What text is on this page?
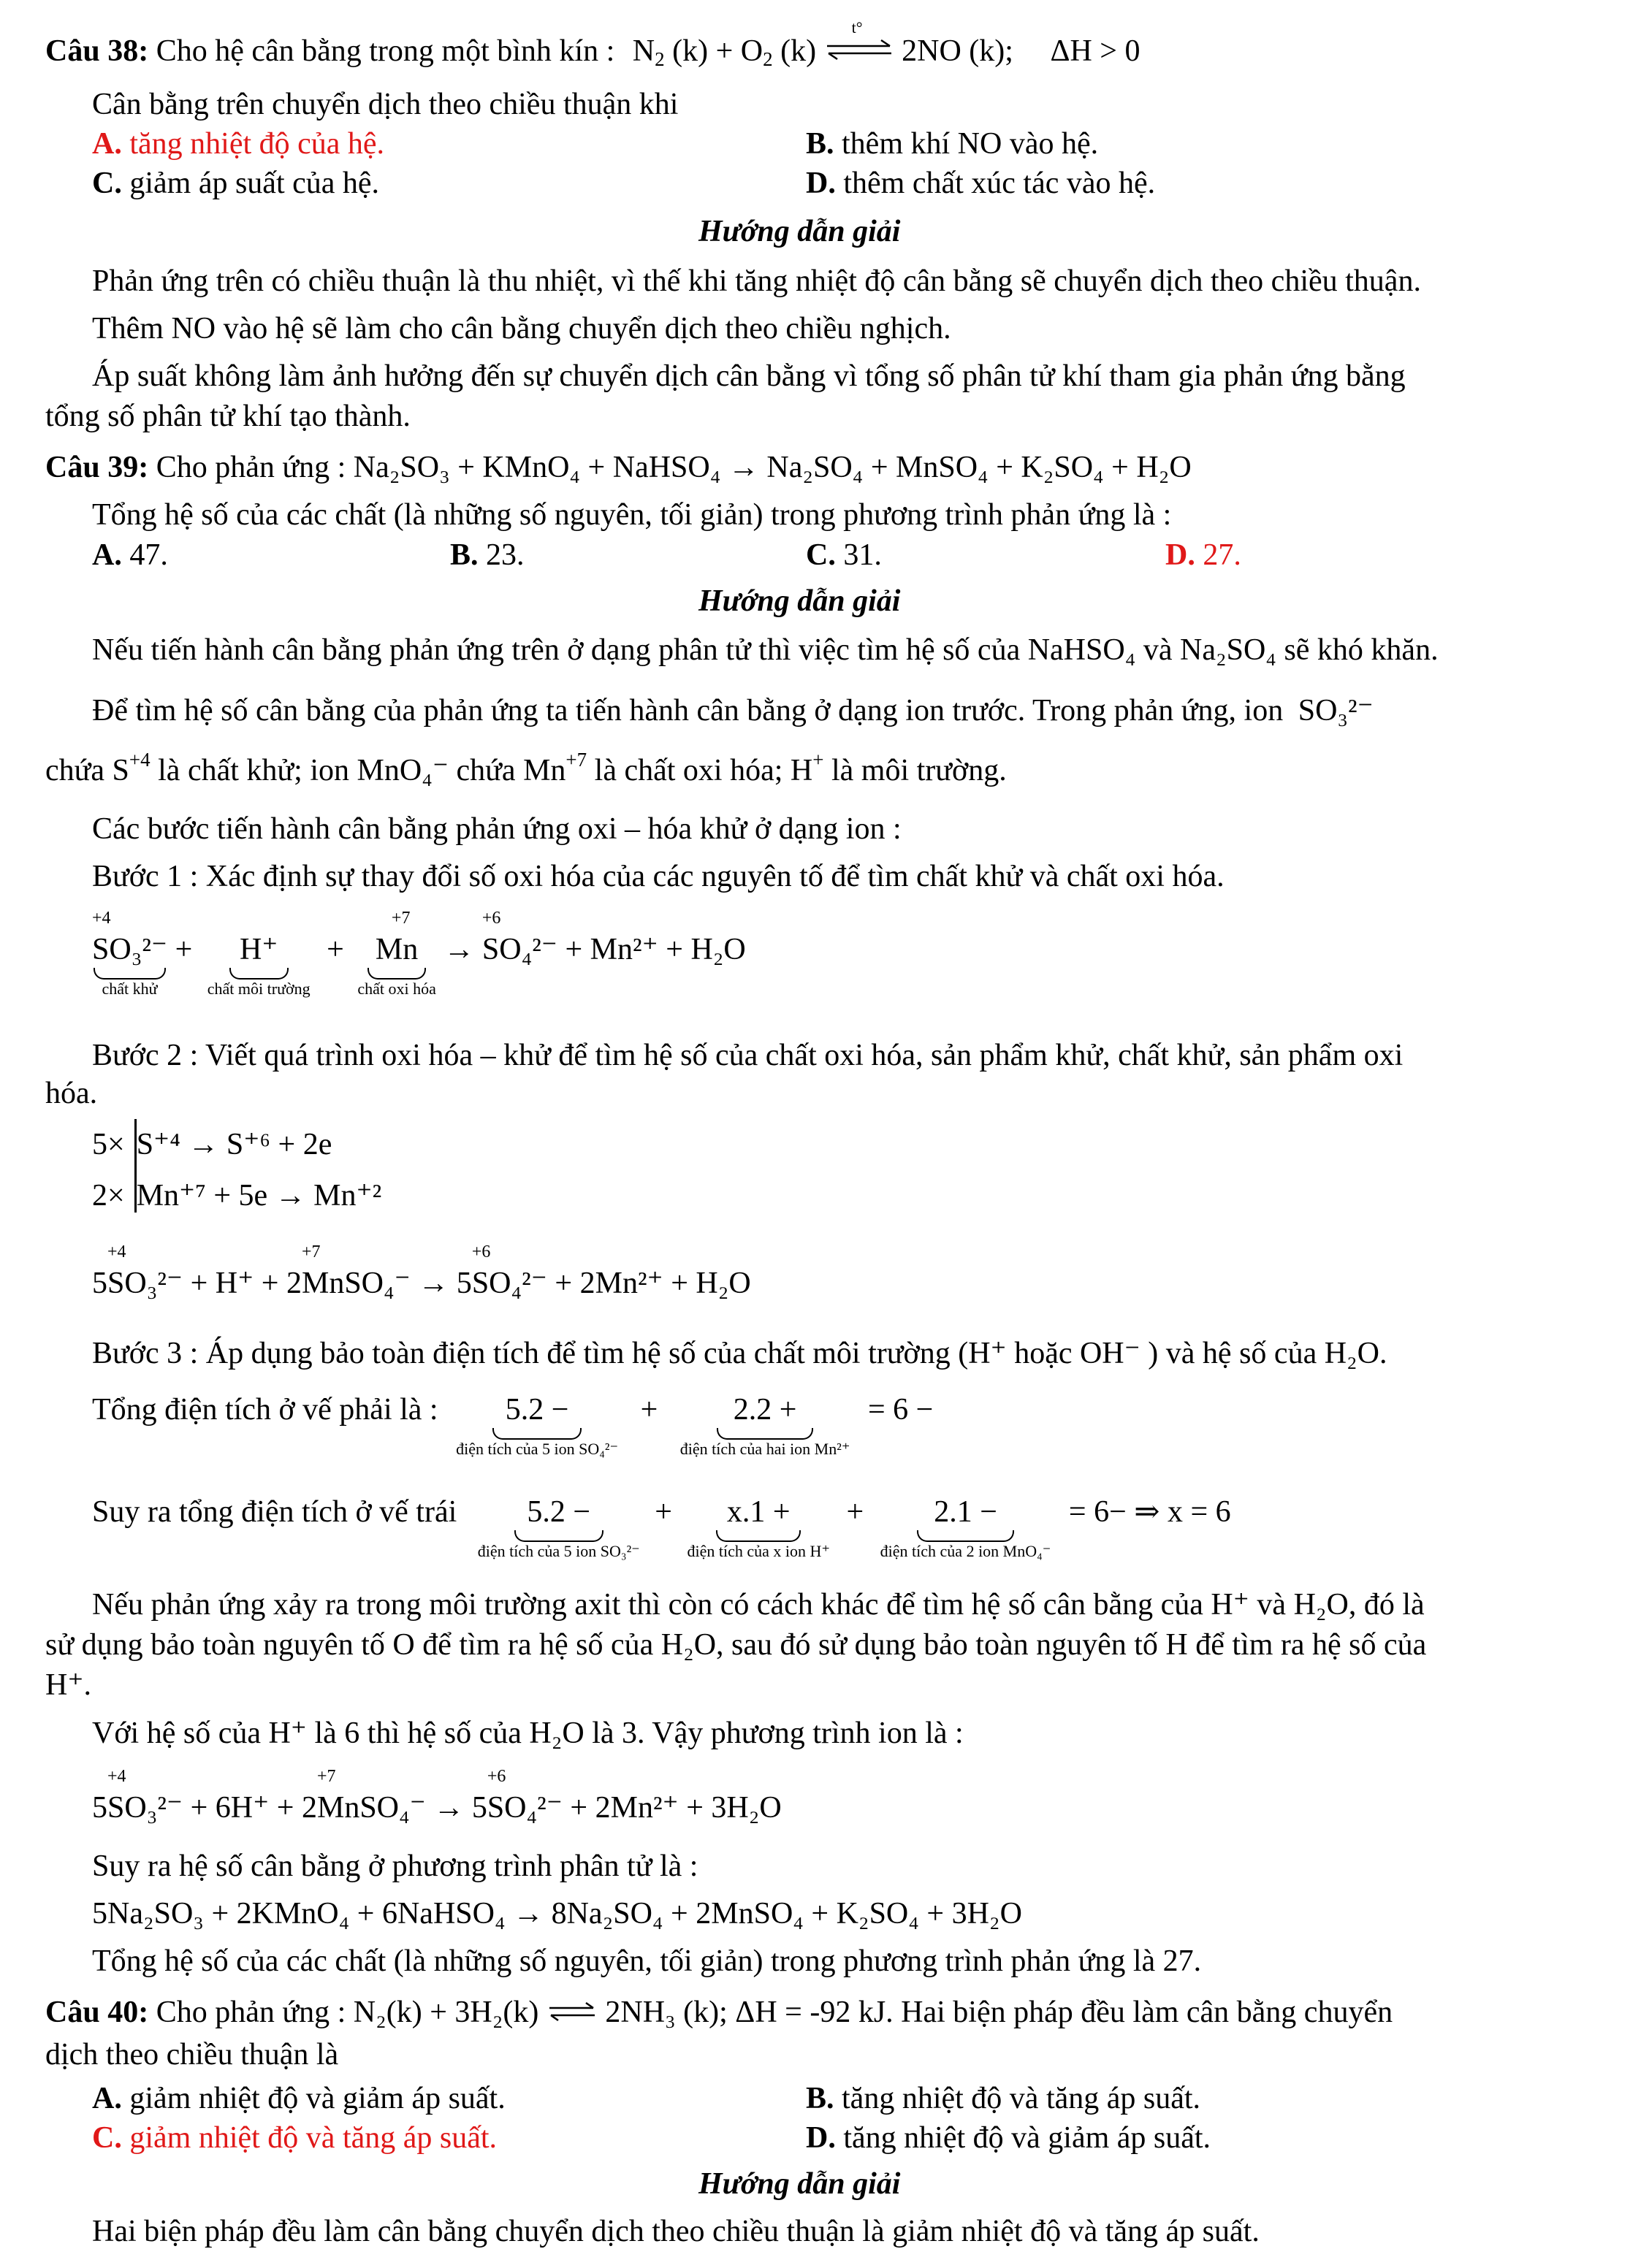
Câu 38: Cho hệ cân bằng trong một bình kín : $N_2$ $(k) + O_2$ (k)
t°
2NO (k); ΔH > 0
Cân bằng trên chuyển dịch theo chiều thuận khi
A. tăng nhiệt độ của hệ.	B. thêm khí NO vào hệ.
C. giảm áp suất của hệ.	D. thêm chất xúc tác vào hệ.
Hướng dẫn giải
Phản ứng trên có chiều thuận là thu nhiệt, vì thế khi tăng nhiệt độ cân bằng sẽ chuyển dịch theo chiều thuận.
Thêm NO vào hệ sẽ làm cho cân bằng chuyển dịch theo chiều nghịch.
Áp suất không làm ảnh hưởng đến sự chuyển dịch cân bằng vì tổng số phân tử khí tham gia phản ứng bằng
tổng số phân tử khí tạo thành.
Câu 39: Cho phản ứng : Na₂SO₃ + KMnO₄ + NaHSO₄ → Na₂SO₄ + MnSO₄ + K₂SO₄ + H₂O
Tổng hệ số của các chất (là những số nguyên, tối giản) trong phương trình phản ứng là :
A. 47.	B. 23.	C. 31.	D. 27.
Hướng dẫn giải
Nếu tiến hành cân bằng phản ứng trên ở dạng phân tử thì việc tìm hệ số của NaHSO₄ và Na₂SO₄ sẽ khó khăn.
Để tìm hệ số cân bằng của phản ứng ta tiến hành cân bằng ở dạng ion trước. Trong phản ứng, ion SO₃²⁻
chứa $S^{+4}$ là chất khử; ion MnO₄⁻ chứa $Mn^{+7}$ là chất oxi hóa; H+ là môi trường.
Các bước tiến hành cân bằng phản ứng oxi – hóa khử ở dạng ion :
Bước 1 : Xác định sự thay đổi số oxi hóa của các nguyên tố để tìm chất khử và chất oxi hóa.
+4
SO₃²⁻
chất khử
+	H⁺
chất môi trường
+
+7
Mn
chất oxi hóa
→
+6
SO₄²⁻ + Mn²⁺ + H₂O
Bước 2 : Viết quá trình oxi hóa – khử để tìm hệ số của chất oxi hóa, sản phẩm khử, chất khử, sản phẩm oxi
hóa.
5× S⁺⁴ → S⁺⁶ + 2e
2× Mn⁺⁷ + 5e → Mn⁺²
5
+4
SO₃²⁻ + H⁺ + 2
+7
MnSO₄⁻ → 5
+6
SO₄²⁻ + 2Mn²⁺ + H₂O
Bước 3 : Áp dụng bảo toàn điện tích để tìm hệ số của chất môi trường (H⁺ hoặc OH⁻ ) và hệ số của H₂O.
Tổng điện tích ở vế phải là :	5.2 −
điện tích của 5 ion SO₄²⁻
+	2.2 +
điện tích của hai ion Mn²⁺
= 6 −
Suy ra tổng điện tích ở vế trái	5.2 −
điện tích của 5 ion SO₃²⁻
+	x.1 +
điện tích của x ion H⁺
+	2.1 −
điện tích của 2 ion MnO₄⁻
= 6− ⇒ x = 6
Nếu phản ứng xảy ra trong môi trường axit thì còn có cách khác để tìm hệ số cân bằng của H⁺ và H₂O, đó là
sử dụng bảo toàn nguyên tố O để tìm ra hệ số của H₂O, sau đó sử dụng bảo toàn nguyên tố H để tìm ra hệ số của
H⁺.
Với hệ số của H⁺ là 6 thì hệ số của H₂O là 3. Vậy phương trình ion là :
5
+4
SO₃²⁻ + 6H⁺ + 2
+7
MnSO₄⁻ → 5
+6
SO₄²⁻ + 2Mn²⁺ + 3H₂O
Suy ra hệ số cân bằng ở phương trình phân tử là :
5Na₂SO₃ + 2KMnO₄ + 6NaHSO₄ → 8Na₂SO₄ + 2MnSO₄ + K₂SO₄ + 3H₂O
Tổng hệ số của các chất (là những số nguyên, tối giản) trong phương trình phản ứng là 27.
Câu 40: Cho phản ứng : N₂(k) + 3H₂(k) ⇌ 2NH₃ (k); ΔH = -92 kJ. Hai biện pháp đều làm cân bằng chuyển
dịch theo chiều thuận là
A. giảm nhiệt độ và giảm áp suất.	B. tăng nhiệt độ và tăng áp suất.
C. giảm nhiệt độ và tăng áp suất.	D. tăng nhiệt độ và giảm áp suất.
Hướng dẫn giải
Hai biện pháp đều làm cân bằng chuyển dịch theo chiều thuận là giảm nhiệt độ và tăng áp suất.
